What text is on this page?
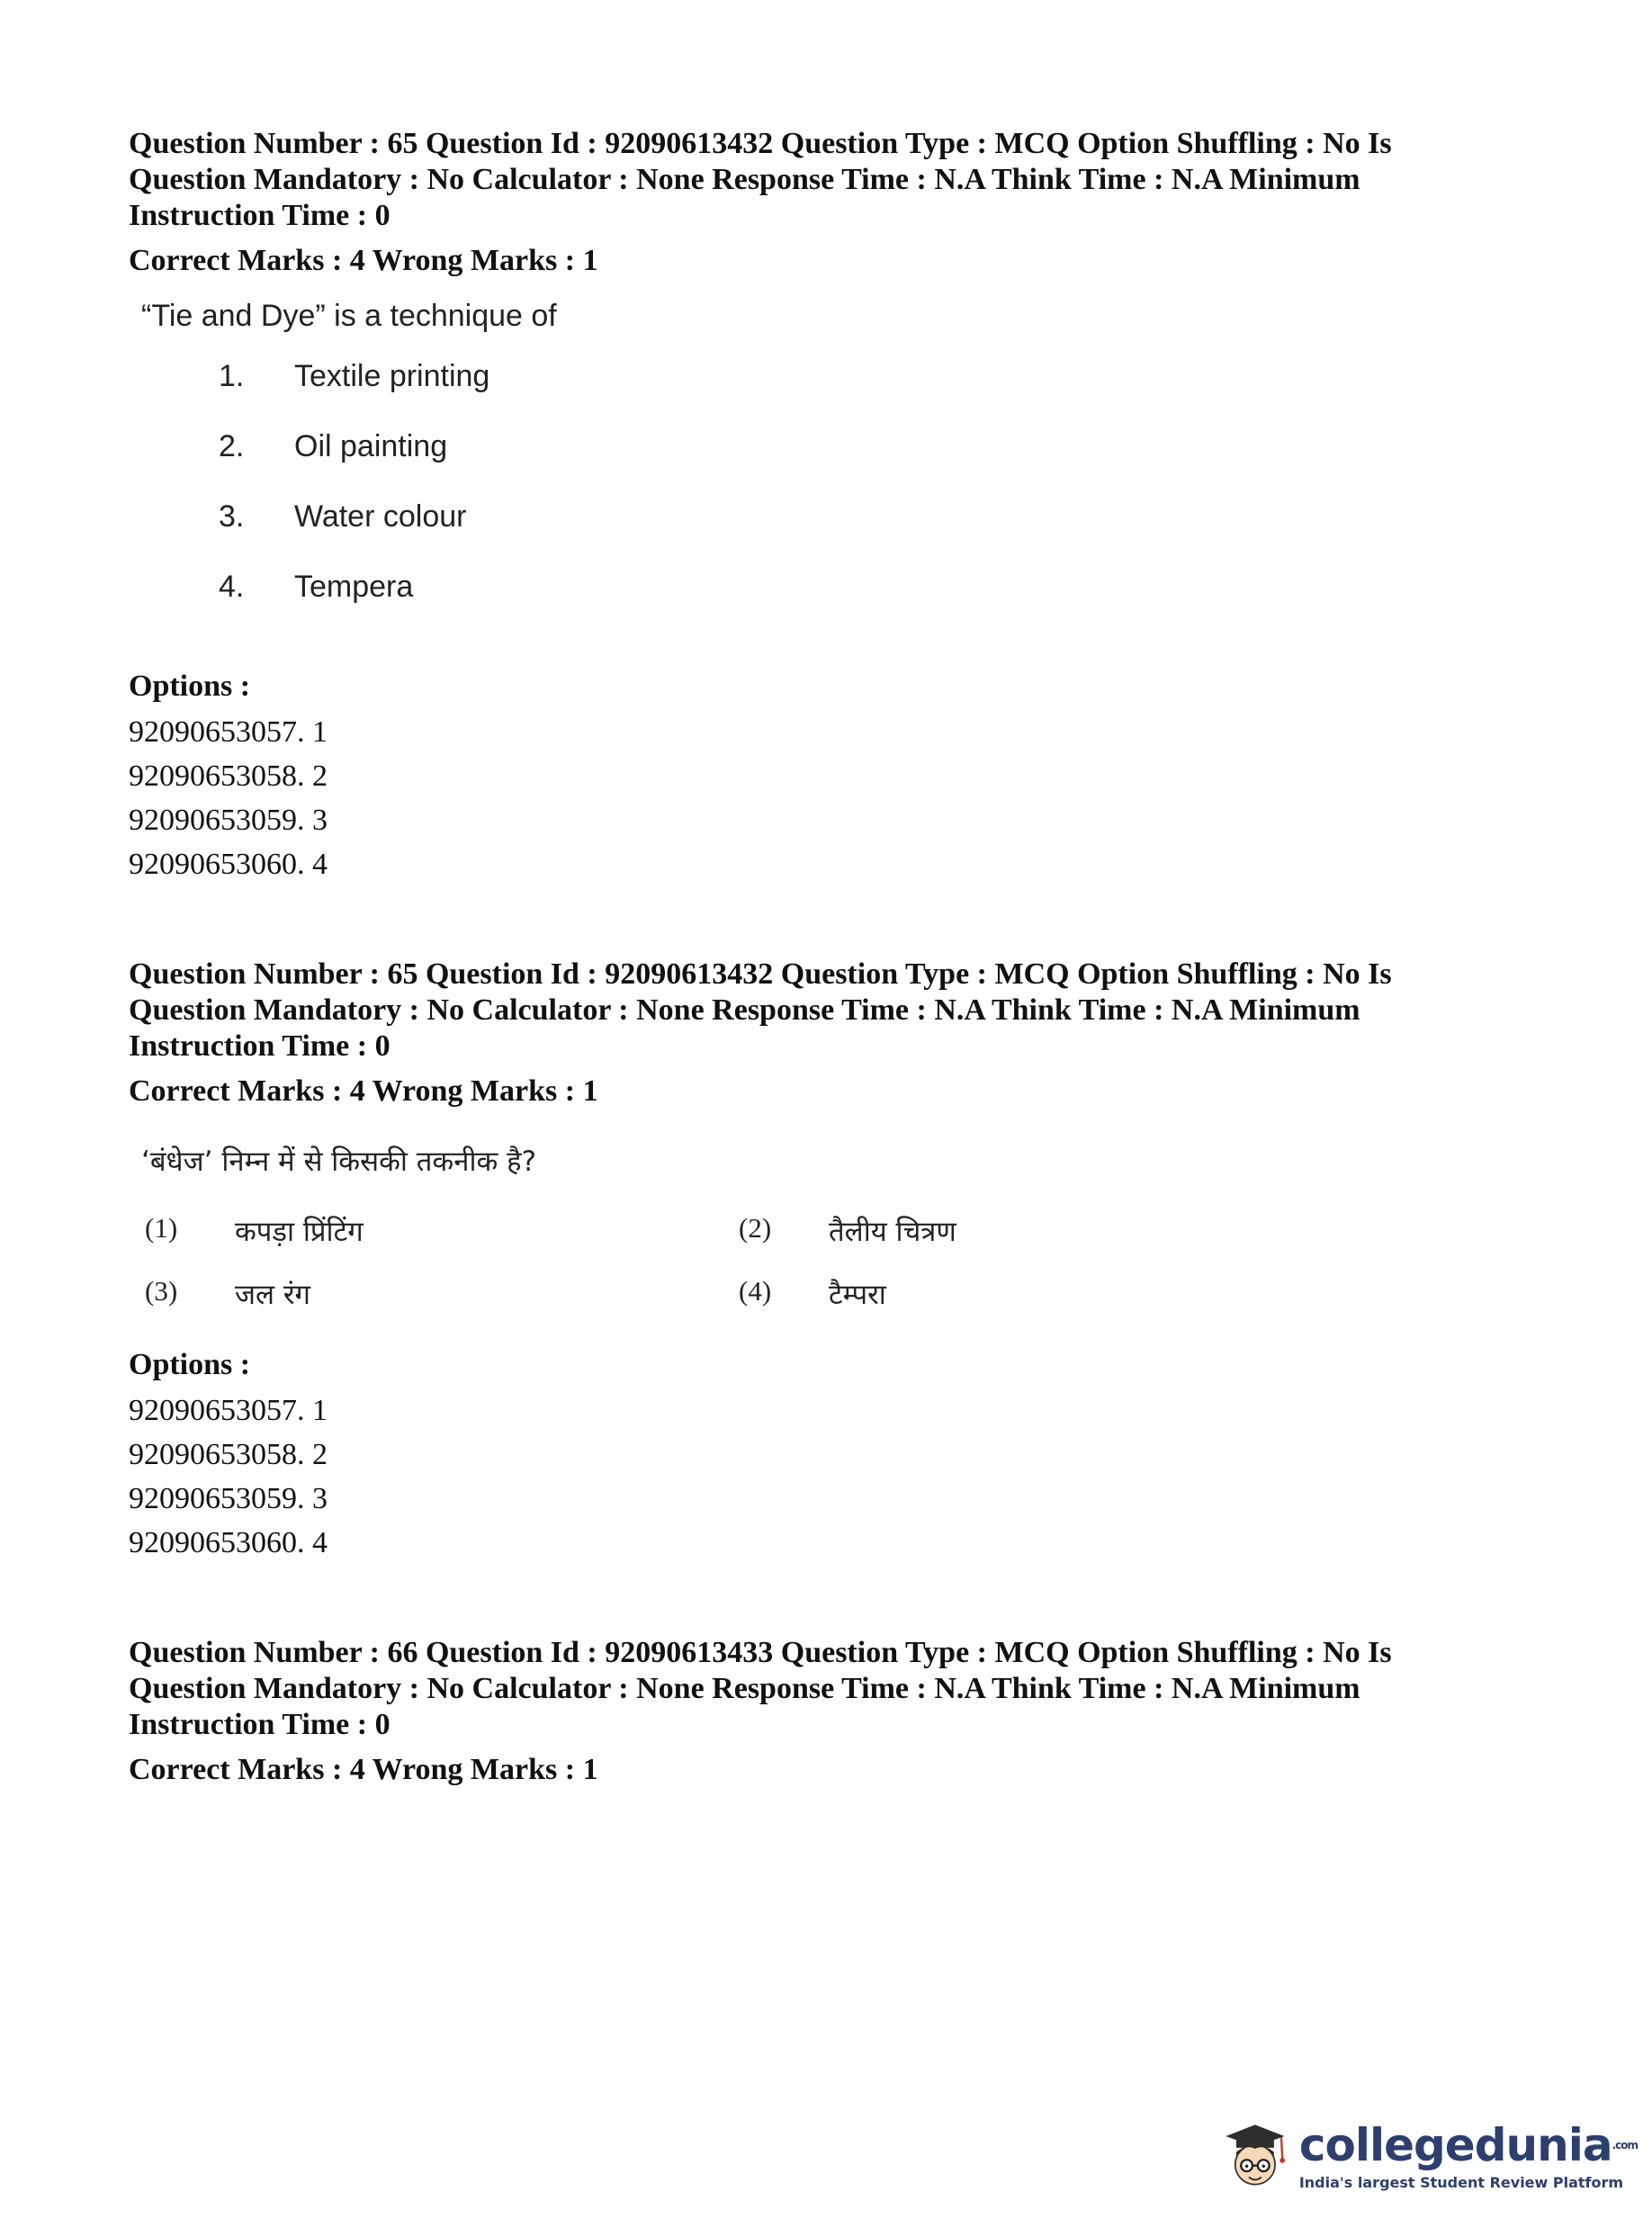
Question Number : 65 Question Id : 92090613432 Question Type : MCQ Option Shuffling : No Is

Question Mandatory : No Calculator : None Response Time : N.A Think Time : N.A Minimum

Instruction Time : 0

Correct Marks : 4 Wrong Marks : 1
“Tie and Dye” is a technique of
1.	Textile printing
2.	Oil painting
3.	Water colour
4.	Tempera
Options :
92090653057. 1
92090653058. 2
92090653059. 3
92090653060. 4

Question Number : 65 Question Id : 92090613432 Question Type : MCQ Option Shuffling : No Is

Question Mandatory : No Calculator : None Response Time : N.A Think Time : N.A Minimum

Instruction Time : 0

Correct Marks : 4 Wrong Marks : 1
‘बंधेज’ निम्न में से किसकी तकनीक है?
(1)	कपड़ा प्रिंटिंग	(2)	तैलीय चित्रण
(3)	जल रंग	(4)	टैम्परा
Options :
92090653057. 1
92090653058. 2
92090653059. 3
92090653060. 4

Question Number : 66 Question Id : 92090613433 Question Type : MCQ Option Shuffling : No Is

Question Mandatory : No Calculator : None Response Time : N.A Think Time : N.A Minimum

Instruction Time : 0

Correct Marks : 4 Wrong Marks : 1
collegedunia$^{.com}$
India's largest Student Review Platform
